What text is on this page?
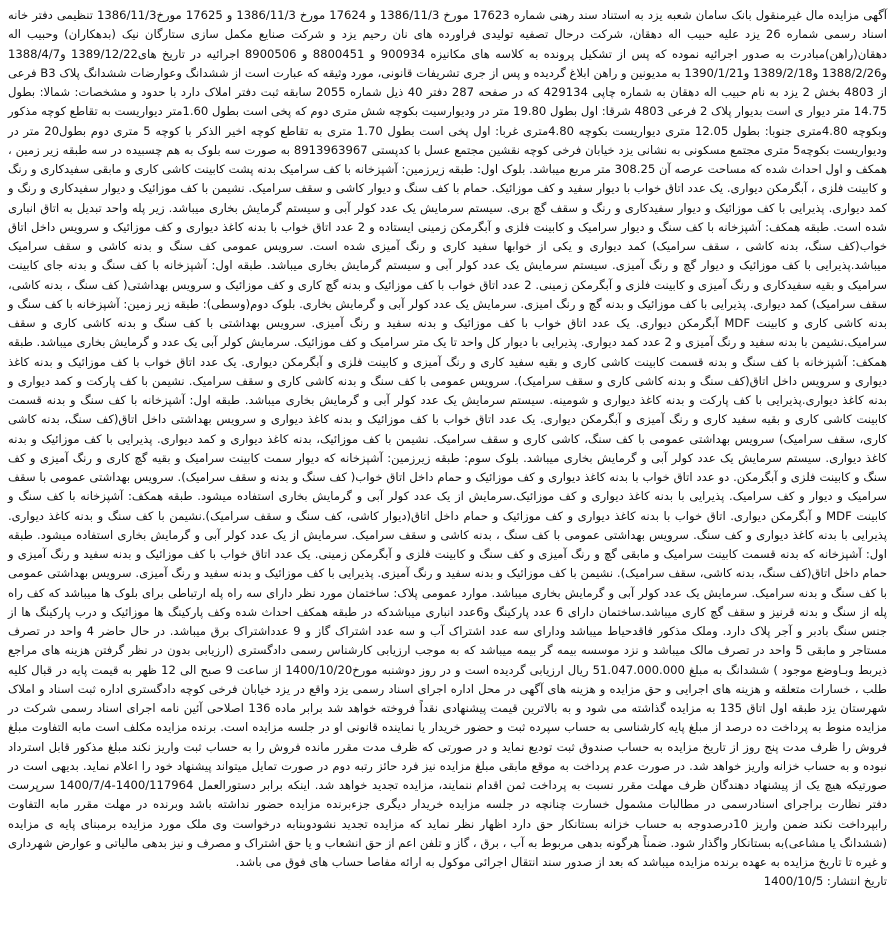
آگهی مزایده مال غیرمنقول بانک سامان شعبه یزد به استناد سند رهنی شماره 17623 مورخ 1386/11/3 و 17624 مورخ 1386/11/3 و 17625 مورخ1386/11/3 تنظیمی دفتر خانه اسناد رسمی شماره 26 یزد علیه حبیب اله دهقان، شرکت درحال تصفیه تولیدی فراورده های نان رحیم یزد و شرکت صنایع مکمل سازی ستارگان نیک (بدهکاران) وحبیب اله دهقان(راهن)مبادرت به صدور اجرائیه نموده که پس از تشکیل پرونده به کلاسه های مکانیزه 900934 و 8800451 و 8900506 اجرائیه در تاریخ های1389/12/22 و1388/4/7 و1388/2/26 و1389/2/18 و1390/1/21 به مدیونین و راهن ابلاغ گردیده و پس از جری تشریفات قانونی، مورد وثیقه که عبارت است از ششدانگ وعوارضات ششدانگ پلاک B3 فرعی از 4803 بخش 2 یزد به نام حبیب اله دهقان به شماره چاپی 429134 که در صفحه 287 دفتر 40 ذیل شماره 2055 سابقه ثبت دفتر املاک دارد با حدود و مشخصات: شمالا: بطول 14.75 متر دیوار ی است بدیوار پلاک 2 فرعی 4803 شرقا: اول بطول 19.80 متر در ودیوارسیت بکوچه شش متری دوم که پخی است بطول 1.60متر دیواریست به تقاطع کوچه مذکور وبکوچه 4.80متری جنوبا: بطول 12.05 متری دیواریست بکوچه 4.80متری غربا: اول پخی است بطول 1.70 متری به تقاطع کوچه اخیر الذکر با کوچه 5 متری دوم بطول20 متر در ودیواریست بکوچه5 متری مجتمع مسکونی به نشانی یزد خیابان فرخی کوچه نقشین مجتمع عسل با کدپستی 8913963967 به صورت سه بلوک به هم چسبیده در سه طبقه زیر زمین ، همکف و اول احداث شده که مساحت عرصه آن 308.25 متر مربع میباشد. بلوک اول: طبقه زیرزمین: آشپزخانه با کف سرامیک بدنه پشت کابینت کاشی کاری و مابقی سفیدکاری و رنگ و کابینت فلزی ، آبگرمکن دیواری. یک عدد اتاق خواب با دیوار سفید و کف موزائیک. حمام با کف سنگ و دیوار کاشی و سقف سرامیک. نشیمن با کف موزائیک و دیوار سفیدکاری و رنگ و کمد دیواری. پذیرایی با کف موزائیک و دیوار سفیدکاری و رنگ و سقف گچ بری. سیستم سرمایش یک عدد کولر آبی و سیستم گرمایش بخاری میباشد. زیر پله واحد تبدیل به اتاق انباری شده است. طبقه همکف: آشپزخانه با کف سنگ و دیوار سرامیک و کابینت فلزی و آبگرمکن زمینی ایستاده و 2 عدد اتاق خواب با بدنه کاغذ دیواری و کف موزائیک و سرویس داخل اتاق خواب(کف سنگ، بدنه کاشی ، سقف سرامیک) کمد دیواری و یکی از خوابها سفید کاری و رنگ آمیزی شده است. سرویس عمومی کف سنگ و بدنه کاشی و سقف سرامیک میباشد.پذیرایی با کف موزائیک و دیوار گچ و رنگ آمیزی. سیستم سرمایش یک عدد کولر آبی و سیستم گرمایش بخاری میباشد. طبقه اول: آشپزخانه با کف سنگ و بدنه جای کابینت سرامیک و بقیه سفیدکاری و رنگ آمیزی و کابینت فلزی و آبگرمکن زمینی. 2 عدد اتاق خواب با کف موزائیک و بدنه گچ کاری و کف موزائیک و سرویس بهداشتی( کف سنگ ، بدنه کاشی، سقف سرامیک) کمد دیواری. پذیرایی با کف موزائیک و بدنه گچ و رنگ امیزی. سرمایش یک عدد کولر آبی و گرمایش بخاری. بلوک دوم(وسطی): طبقه زیر زمین: آشپزخانه با کف سنگ و بدنه کاشی کاری و کابینت MDF آبگرمکن دیواری. یک عدد اتاق خواب با کف موزائیک و بدنه سفید و رنگ آمیزی. سرویس بهداشتی با کف سنگ و بدنه کاشی کاری و سقف سرامیک.نشیمن با بدنه سفید و رنگ آمیزی و 2 عدد کمد دیواری. پذیرایی با دیوار کل واحد تا یک متر سرامیک و کف موزائیک. سرمایش کولر آبی یک عدد و گرمایش بخاری میباشد. طبقه همکف: آشپزخانه با کف سنگ و بدنه قسمت کابینت کاشی کاری و بقیه سفید کاری و رنگ آمیزی و کابینت فلزی و آبگرمکن دیواری. یک عدد اتاق خواب با کف موزائیک و بدنه کاغذ دیواری و سرویس داخل اتاق(کف سنگ و بدنه کاشی کاری و سقف سرامیک). سرویس عمومی با کف سنگ و بدنه کاشی کاری و سقف سرامیک. نشیمن با کف پارکت و کمد دیواری و بدنه کاغذ دیواری.پذیرایی با کف پارکت و بدنه کاغذ دیواری و شومینه. سیستم سرمایش یک عدد کولر آبی و گرمایش بخاری میباشد. طبقه اول: آشپزخانه با کف سنگ و بدنه قسمت کابینت کاشی کاری و بقیه سفید کاری و رنگ آمیزی و آبگرمکن دیواری. یک عدد اتاق خواب با کف موزائیک و بدنه کاغذ دیواری و سرویس بهداشتی داخل اتاق(کف سنگ، بدنه کاشی کاری، سقف سرامیک) سرویس بهداشتی عمومی با کف سنگ، کاشی کاری و سقف سرامیک. نشیمن با کف موزائیک، بدنه کاغذ دیواری و کمد دیواری. پذیرایی با کف موزائیک و بدنه کاغذ دیواری. سیستم سرمایش یک عدد کولر آبی و گرمایش بخاری میباشد. بلوک سوم: طبقه زیرزمین: آشپزخانه که دیوار سمت کابینت سرامیک و بقیه گچ کاری و رنگ آمیزی و کف سنگ و کابینت فلزی و آبگرمکن. دو عدد اتاق خواب با بدنه کاغذ دیواری و کف موزائیک و حمام داخل اتاق خواب( کف سنگ و بدنه و سقف سرامیک). سرویس بهداشتی عمومی با سقف سرامیک و دیوار و کف سرامیک. پذیرایی با بدنه کاغذ دیواری و کف موزائیک.سرمایش از یک عدد کولر آبی و گرمایش بخاری استفاده میشود. طبقه همکف: آشپزخانه با کف سنگ و کابینت MDF و آبگرمکن دیواری. اتاق خواب با بدنه کاغذ دیواری و کف موزائیک و حمام داخل اتاق(دیوار کاشی، کف سنگ و سقف سرامیک).نشیمن با کف سنگ و بدنه کاغذ دیواری. پذیرایی با بدنه کاغذ دیواری و کف سنگ. سرویس بهداشتی عمومی با کف سنگ ، بدنه کاشی و سقف سرامیک. سرمایش از یک عدد کولر آبی و گرمایش بخاری استفاده میشود. طبقه اول: آشپزخانه که بدنه قسمت کابینت سرامیک و مابقی گچ و رنگ آمیزی و کف سنگ و کابینت فلزی و آبگرمکن زمینی. یک عدد اتاق خواب با کف موزائیک و بدنه سفید و رنگ آمیزی و حمام داخل اتاق(کف سنگ، بدنه کاشی، سقف سرامیک). نشیمن با کف موزائیک و بدنه سفید و رنگ آمیزی. پذیرایی با کف موزائیک و بدنه سفید و رنگ آمیزی. سرویس بهداشتی عمومی با کف سنگ و بدنه سرامیک. سرمایش یک عدد کولر آبی و گرمایش بخاری میباشد. موارد عمومی پلاک: ساختمان مورد نظر دارای سه راه پله ارتباطی برای بلوک ها میباشد که کف راه پله از سنگ و بدنه قرنیز و سقف گچ کاری میباشد.ساختمان دارای 6 عدد پارکینگ و6عدد انباری میباشدکه در طبقه همکف احداث شده وکف پارکینگ ها موزائیک و درب پارکینگ ها از جنس سنگ بادبر و آجر پلاک دارد. وملک مذکور فاقدحیاط میباشد ودارای سه عدد اشتراک آب و سه عدد اشتراک گاز و 9 عدداشتراک برق میباشد. در حال حاضر 4 واحد در تصرف مستاجر و مابقی 5 واحد در تصرف مالک میباشد و نزد موسسه بیمه گر بیمه میباشد که به موجب ارزیابی کارشناس رسمی دادگستری (ارزیابی بدون در نظر گرفتن هزینه های مراجع ذیربط وبـاوضع موجود ) ششدانگ به مبلغ 51.047.000.000 ریال ارزیابی گردیده است و در روز دوشنبه مورخ1400/10/20 از ساعت 9 صبح الی 12 ظهر به قیمت پایه در قبال کلیه طلب ، خسارات متعلقه و هزینه های اجرایی و حق مزایده و هزینه های آگهی در محل اداره اجرای اسناد رسمی یزد واقع در یزد خیابان فرخی کوچه دادگستری اداره ثبت اسناد و املاک شهرستان یزد طبقه اول اتاق 135 به مزایده گذاشته می شود و به بالاترین قیمت پیشنهادی نقداً فروخته خواهد شد برابر ماده 136 اصلاحی آئین نامه اجرای اسناد رسمی شرکت در مزایده منوط به پرداخت ده درصد از مبلغ پایه کارشناسی به حساب سپرده ثبت و حضور خریدار یا نماینده قانونی او در جلسه مزایده است. برنده مزایده مکلف است مابه التفاوت مبلغ فروش را ظرف مدت پنج روز از تاریخ مزایده به حساب صندوق ثبت تودیع نماید و در صورتی که ظرف مدت مقرر مانده فروش را به حساب ثبت واریز نکند مبلغ مذکور قابل استرداد نبوده و به حساب خزانه واریز خواهد شد. در صورت عدم پرداخت به موقع مابقی مبلغ مزایده نیز فرد حائز رتبه دوم در صورت تمایل میتواند پیشنهاد خود را اعلام نماید. بدیهی است در صورتیکه هیچ یک از پیشنهاد دهندگان ظرف مهلت مقرر نسبت به پرداخت ثمن اقدام ننمایند، مزایده تجدید خواهد شد. اینکه برابر دستورالعمل 1400/117964-1400/7/4 سرپرست دفتر نظارت براجرای اسنادرسمی در مطالبات مشمول خسارت چنانچه در جلسه مزایده خریدار دیگری جزءبرنده مزایده حضور نداشته باشد وبرنده در مهلت مقرر مابه التفاوت رابپرداخت نکند ضمن واریز 10درصدوجه به حساب خزانه بستانکار حق دارد اظهار نظر نماید که مزایده تجدید نشودوبنابه درخواست وی ملک مورد مزایده برمبنای پایه ی مزایده (ششدانگ یا مشاعی)به بستانکار واگذار شود. ضمناً هرگونه بدهی مربوط به آب ، برق ، گاز و تلفن اعم از حق انشعاب و یا حق اشتراک و مصرف و نیز بدهی مالیاتی و عوارض شهرداری و غیره تا تاریخ مزایده به عهده برنده مزایده میباشد که بعد از صدور سند انتقال اجرائی موکول به ارائه مفاصا حساب های فوق می باشد.

تاریخ انتشار: 1400/10/5
